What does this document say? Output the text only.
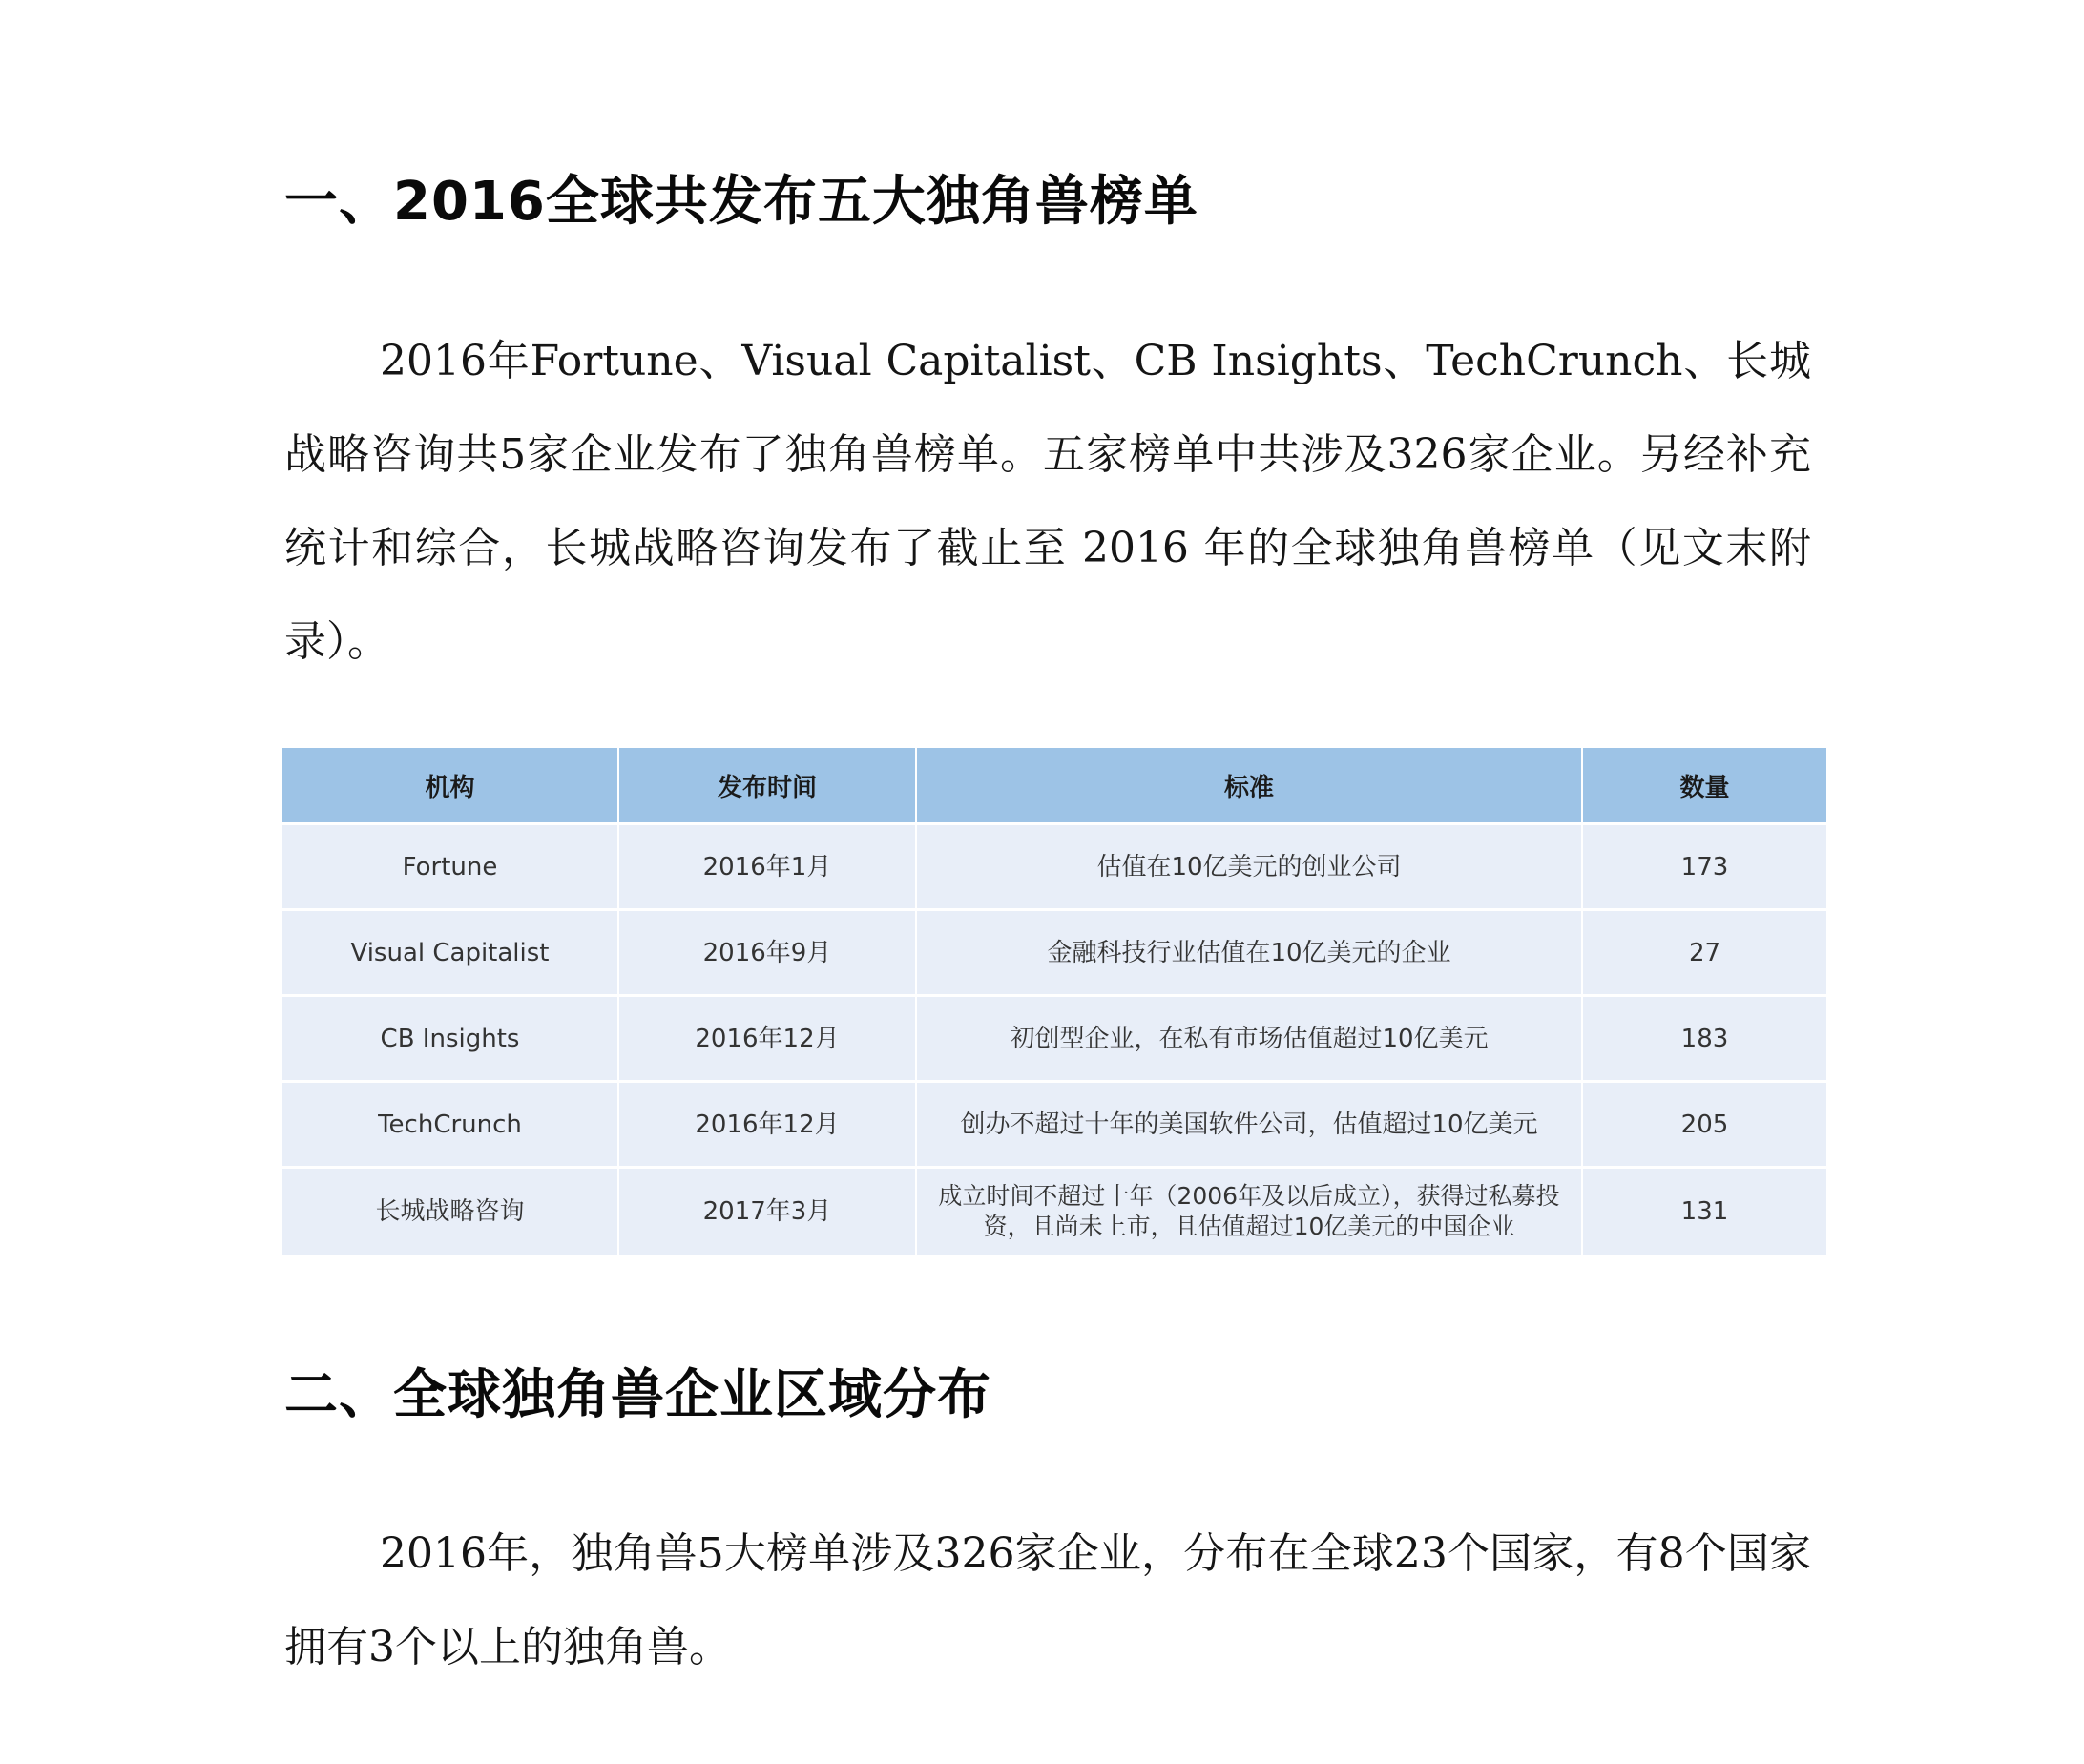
一、2016全球共发布五大独角兽榜单

2016年Fortune、Visual Capitalist、CB Insights、TechCrunch、长城战略咨询共5家企业发布了独角兽榜单。五家榜单中共涉及326家企业。另经补充统计和综合，长城战略咨询发布了截止至 2016 年的全球独角兽榜单（见文末附录）。

机构	发布时间	标准	数量
Fortune	2016年1月	估值在10亿美元的创业公司	173
Visual Capitalist	2016年9月	金融科技行业估值在10亿美元的企业	27
CB Insights	2016年12月	初创型企业，在私有市场估值超过10亿美元	183
TechCrunch	2016年12月	创办不超过十年的美国软件公司，估值超过10亿美元	205
长城战略咨询	2017年3月	成立时间不超过十年（2006年及以后成立），获得过私募投资，且尚未上市，且估值超过10亿美元的中国企业	131
二、全球独角兽企业区域分布

2016年，独角兽5大榜单涉及326家企业，分布在全球23个国家，有8个国家拥有3个以上的独角兽。
